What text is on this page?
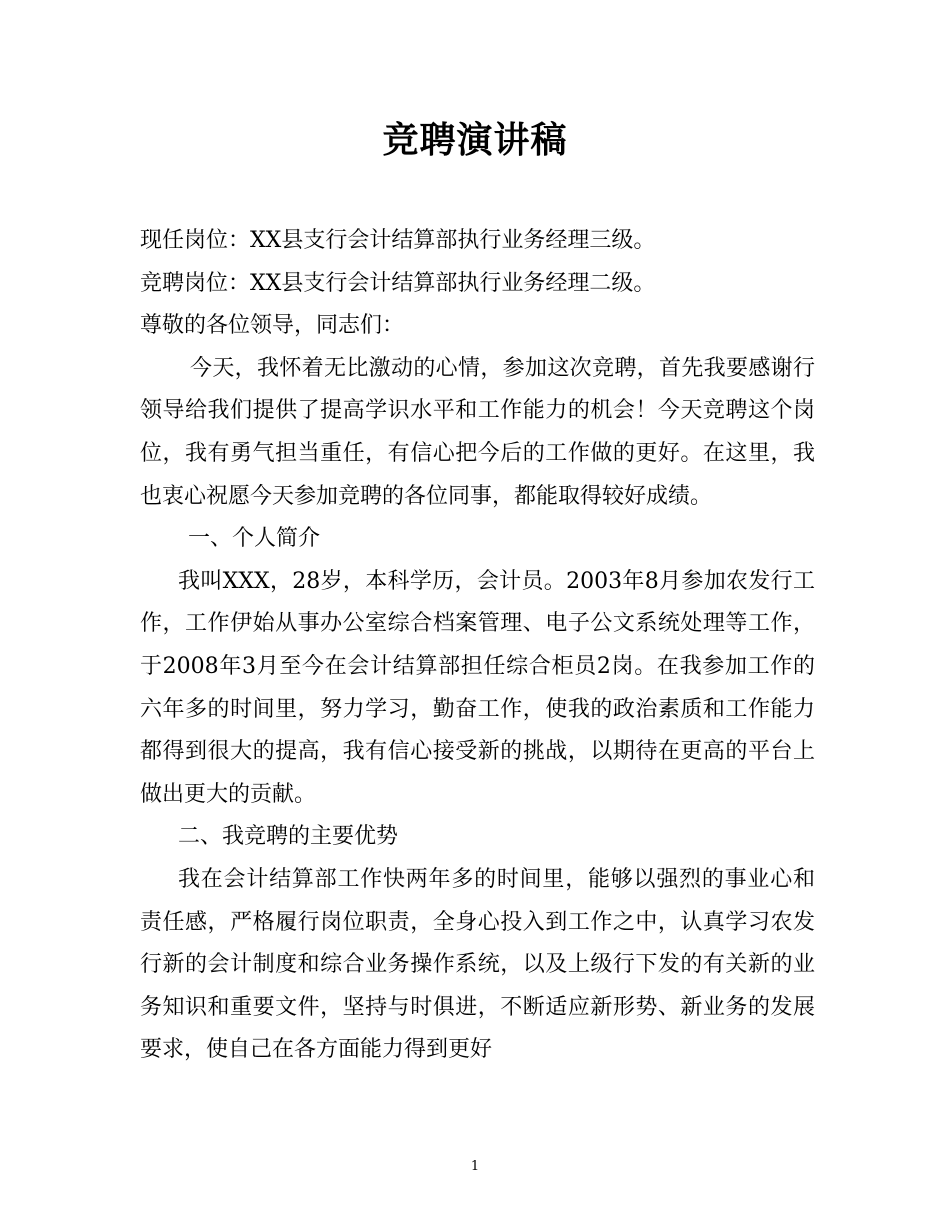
竞聘演讲稿

现任岗位：XX县支行会计结算部执行业务经理三级。

竞聘岗位：XX县支行会计结算部执行业务经理二级。

尊敬的各位领导，同志们：

今天，我怀着无比激动的心情，参加这次竞聘，首先我要感谢行领导给我们提供了提高学识水平和工作能力的机会！今天竞聘这个岗位，我有勇气担当重任，有信心把今后的工作做的更好。在这里，我也衷心祝愿今天参加竞聘的各位同事，都能取得较好成绩。

一、个人简介

我叫XXX，28岁，本科学历，会计员。2003年8月参加农发行工作，工作伊始从事办公室综合档案管理、电子公文系统处理等工作，于2008年3月至今在会计结算部担任综合柜员2岗。在我参加工作的六年多的时间里，努力学习，勤奋工作，使我的政治素质和工作能力都得到很大的提高，我有信心接受新的挑战，以期待在更高的平台上做出更大的贡献。

二、我竞聘的主要优势

我在会计结算部工作快两年多的时间里，能够以强烈的事业心和责任感，严格履行岗位职责，全身心投入到工作之中，认真学习农发行新的会计制度和综合业务操作系统，以及上级行下发的有关新的业务知识和重要文件，坚持与时俱进，不断适应新形势、新业务的发展要求，使自己在各方面能力得到更好

1
